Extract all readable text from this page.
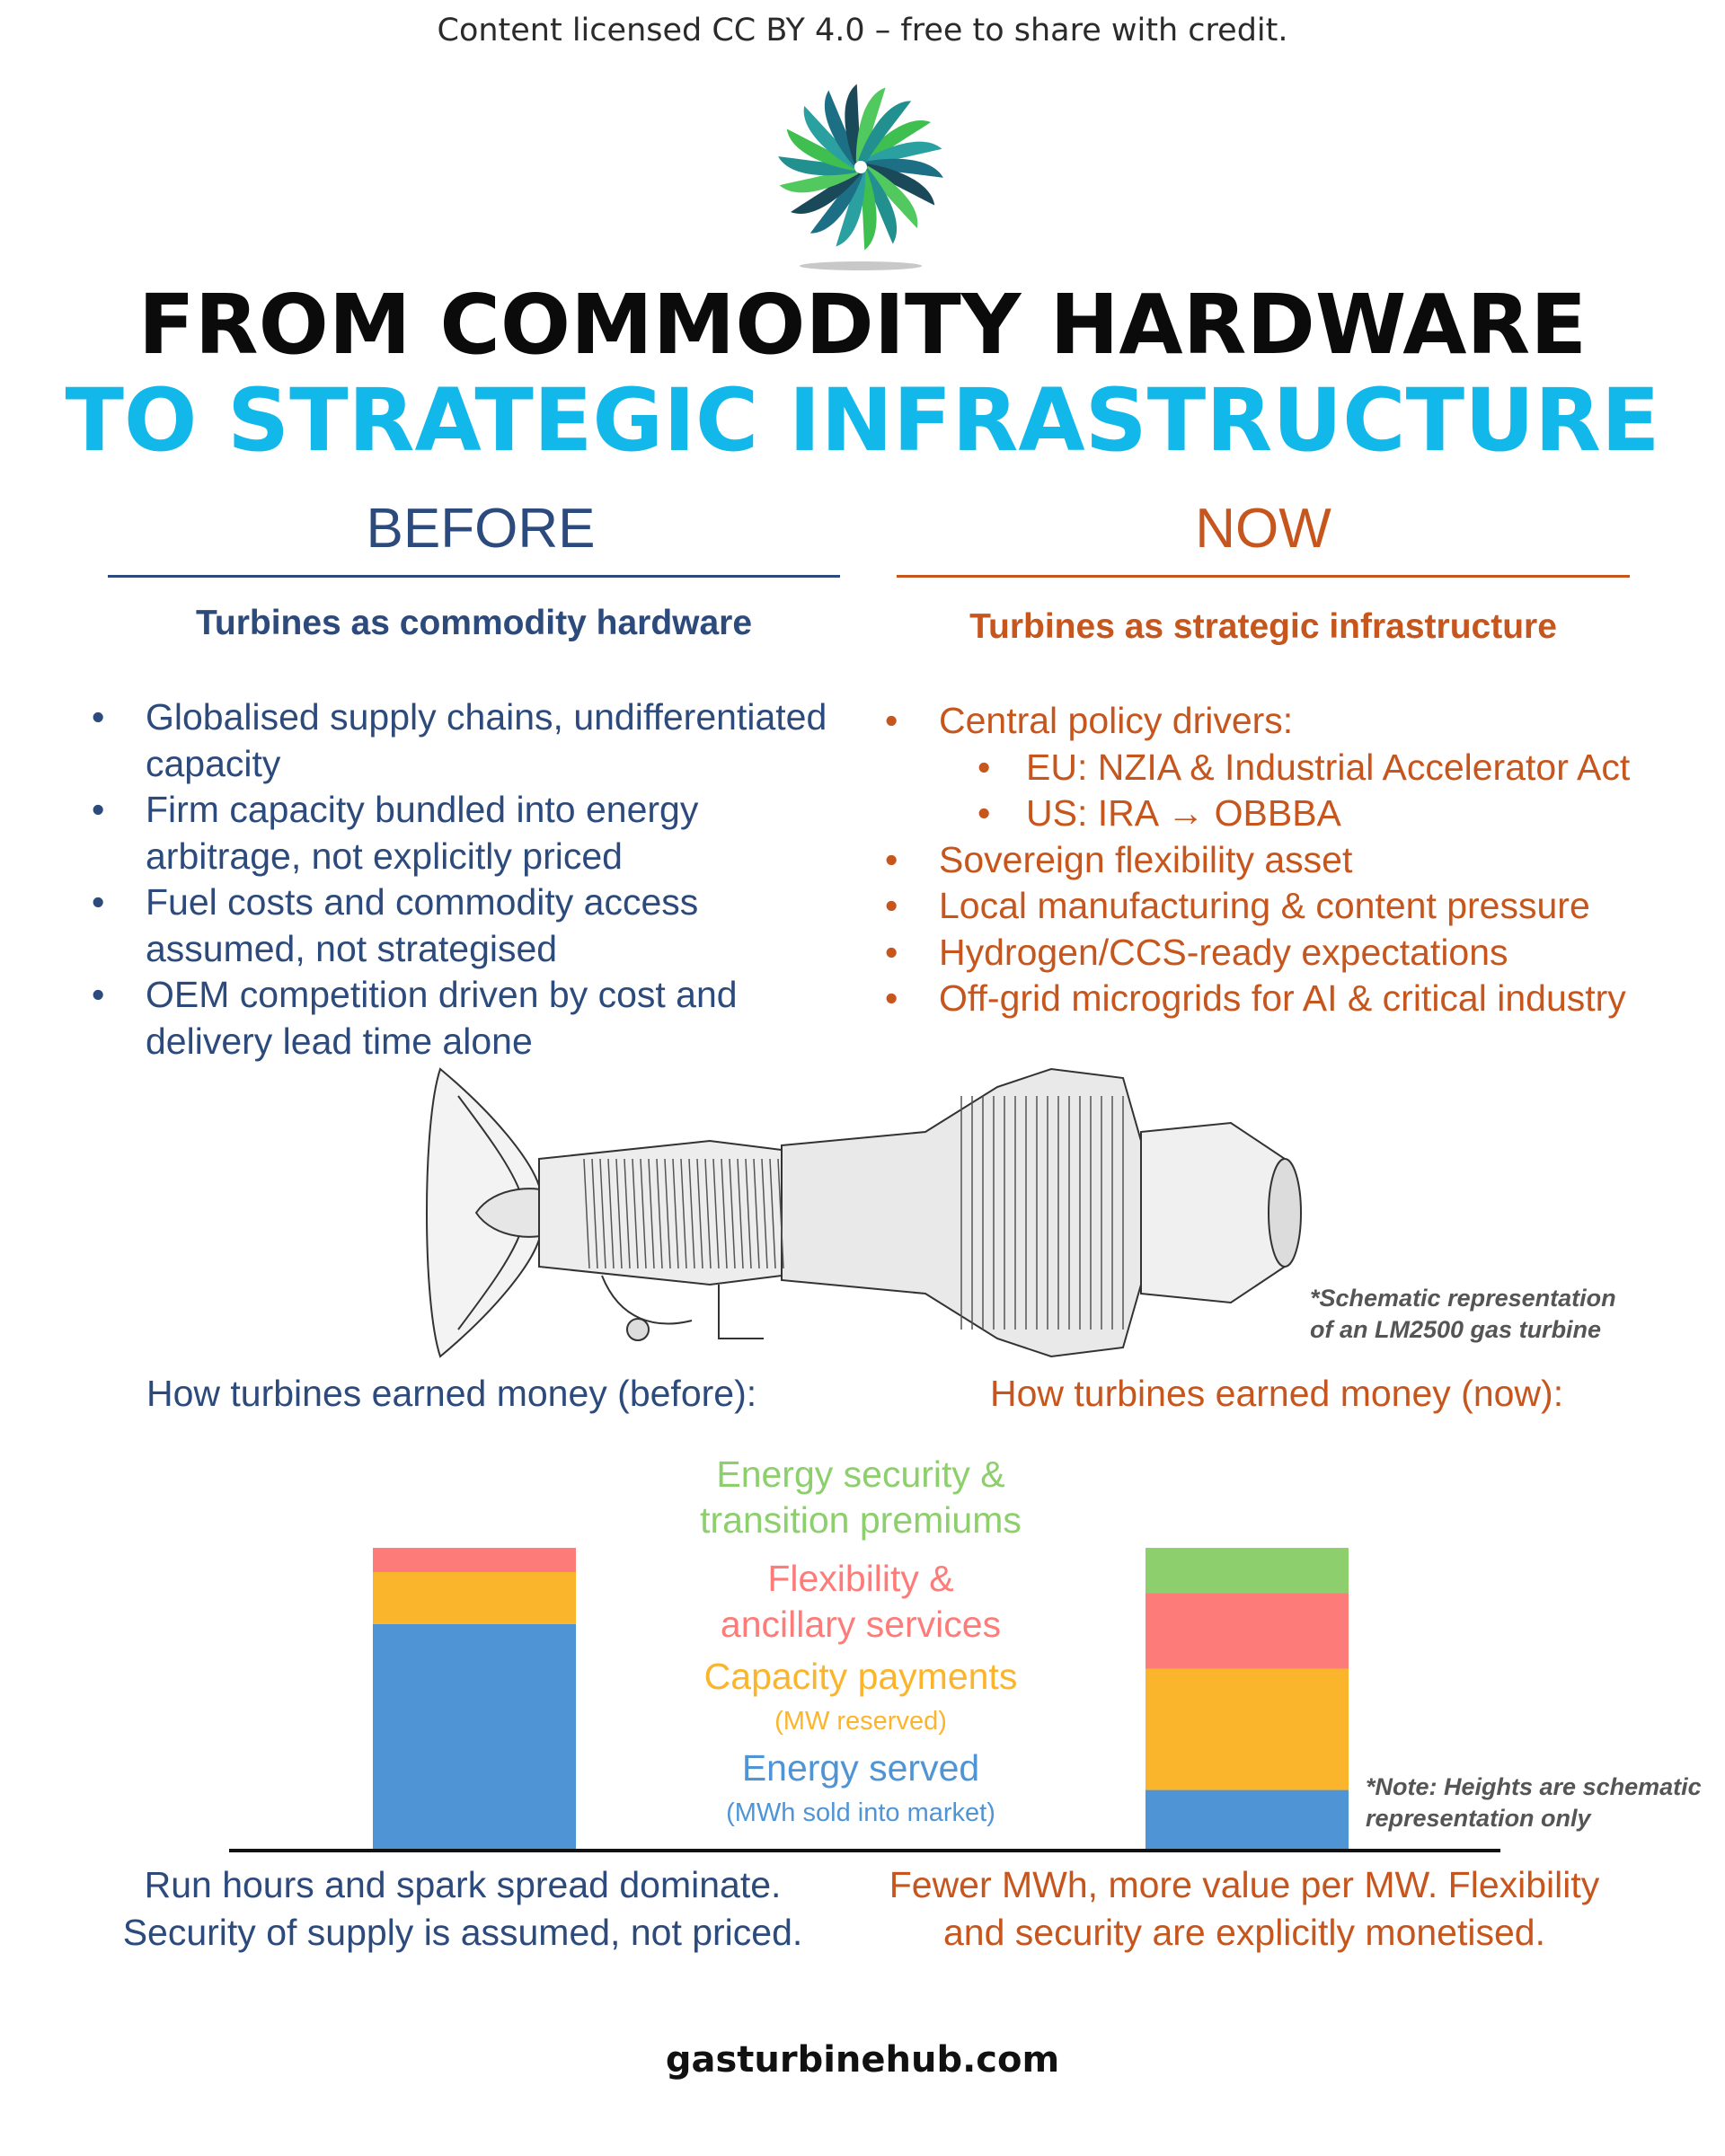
Content licensed CC BY 4.0 – free to share with credit.
FROM COMMODITY HARDWARE
TO STRATEGIC INFRASTRUCTURE
BEFORE	NOW
Turbines as commodity hardware	Turbines as strategic infrastructure
• Globalised supply chains, undifferentiated capacity
• Firm capacity bundled into energy arbitrage, not explicitly priced
• Fuel costs and commodity access assumed, not strategised
• OEM competition driven by cost and delivery lead time alone
• Central policy drivers:
• EU: NZIA & Industrial Accelerator Act
• US: IRA → OBBBA
• Sovereign flexibility asset
• Local manufacturing & content pressure
• Hydrogen/CCS-ready expectations
• Off-grid microgrids for AI & critical industry
*Schematic representation
of an LM2500 gas turbine
How turbines earned money (before):	How turbines earned money (now):
Energy security &
transition premiums
Flexibility &
ancillary services
Capacity payments
(MW reserved)
Energy served
(MWh sold into market)
*Note: Heights are schematic
representation only
Run hours and spark spread dominate.
Security of supply is assumed, not priced.
Fewer MWh, more value per MW. Flexibility
and security are explicitly monetised.
gasturbinehub.com
